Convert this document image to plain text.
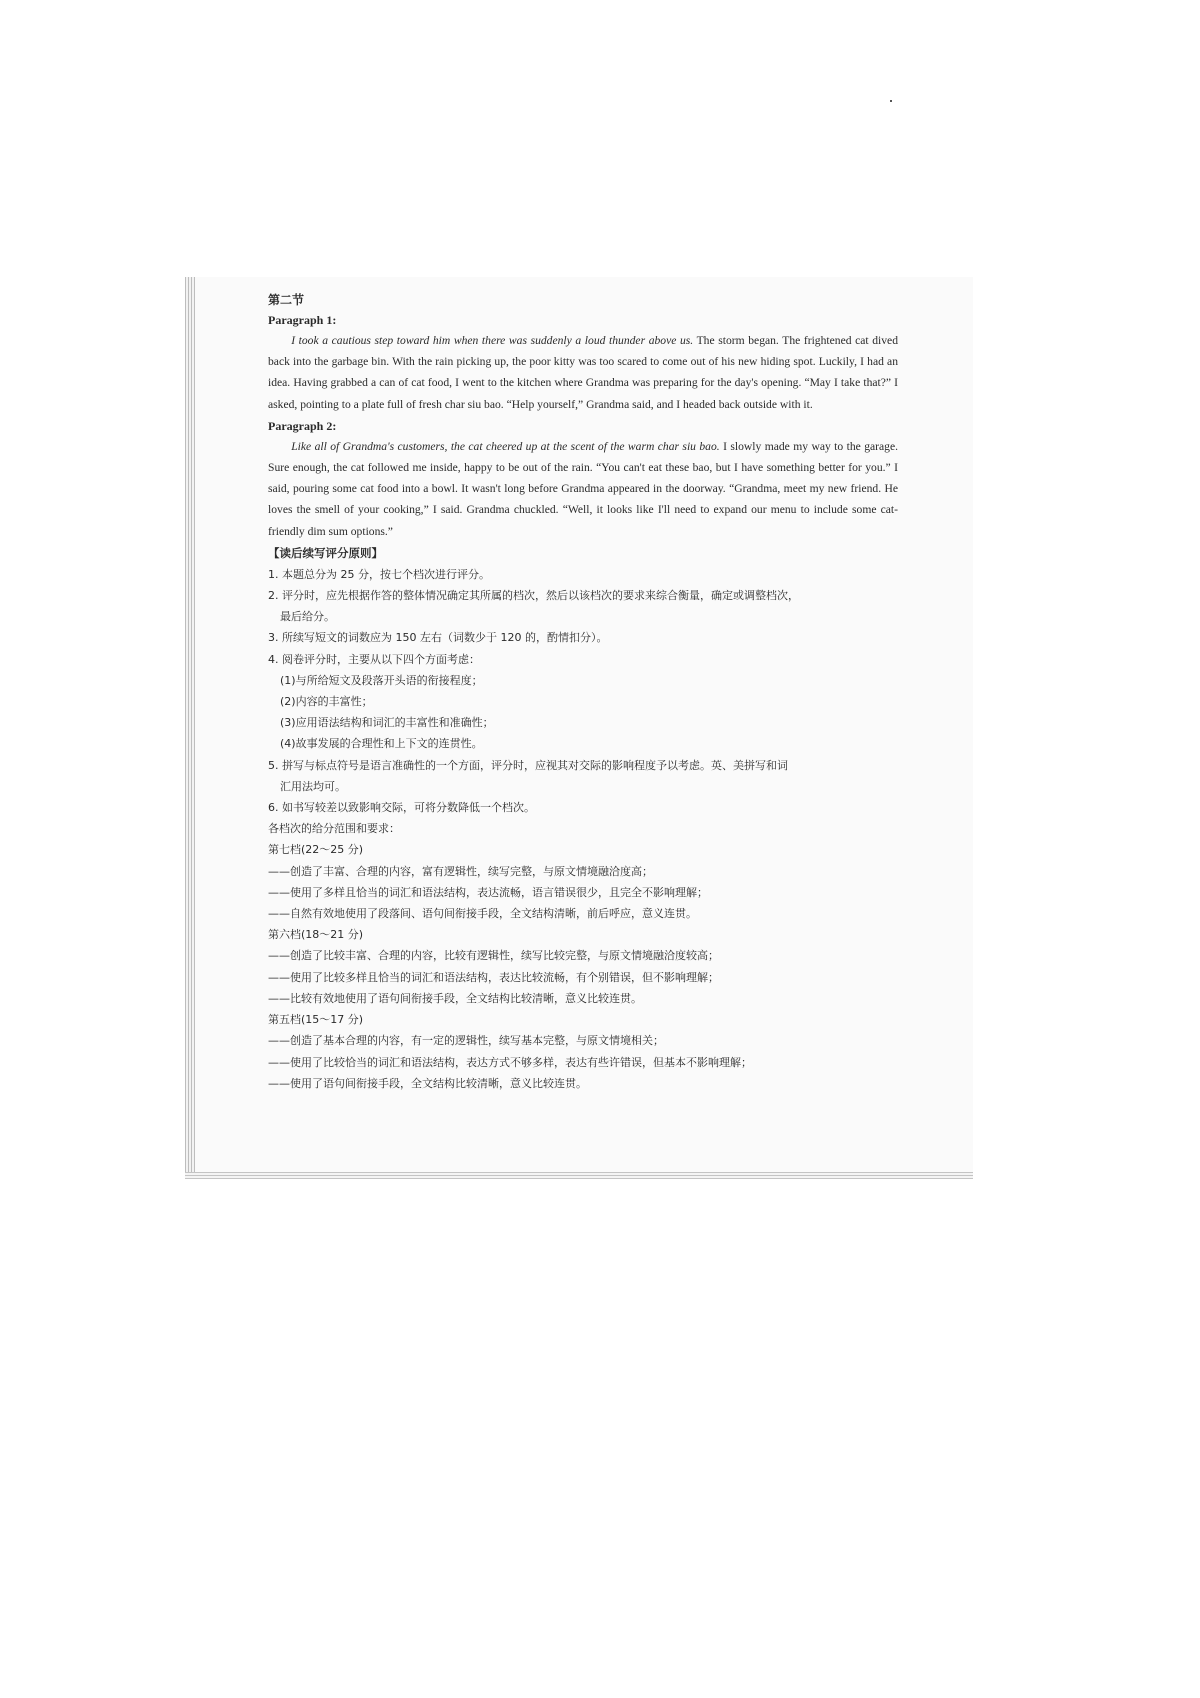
第二节

Paragraph 1:

I took a cautious step toward him when there was suddenly a loud thunder above us. The storm began. The frightened cat dived back into the garbage bin. With the rain picking up, the poor kitty was too scared to come out of his new hiding spot. Luckily, I had an idea. Having grabbed a can of cat food, I went to the kitchen where Grandma was preparing for the day's opening. “May I take that?” I asked, pointing to a plate full of fresh char siu bao. “Help yourself,” Grandma said, and I headed back outside with it.

Paragraph 2:

Like all of Grandma's customers, the cat cheered up at the scent of the warm char siu bao. I slowly made my way to the garage. Sure enough, the cat followed me inside, happy to be out of the rain. “You can't eat these bao, but I have something better for you.” I said, pouring some cat food into a bowl. It wasn't long before Grandma appeared in the doorway. “Grandma, meet my new friend. He loves the smell of your cooking,” I said. Grandma chuckled. “Well, it looks like I'll need to expand our menu to include some cat-friendly dim sum options.”

【读后续写评分原则】

1. 本题总分为 25 分，按七个档次进行评分。

2. 评分时，应先根据作答的整体情况确定其所属的档次，然后以该档次的要求来综合衡量，确定或调整档次，

最后给分。

3. 所续写短文的词数应为 150 左右（词数少于 120 的，酌情扣分）。

4. 阅卷评分时，主要从以下四个方面考虑：

(1)与所给短文及段落开头语的衔接程度；

(2)内容的丰富性；

(3)应用语法结构和词汇的丰富性和准确性；

(4)故事发展的合理性和上下文的连贯性。

5. 拼写与标点符号是语言准确性的一个方面，评分时，应视其对交际的影响程度予以考虑。英、美拼写和词

汇用法均可。

6. 如书写较差以致影响交际，可将分数降低一个档次。

各档次的给分范围和要求：

第七档(22～25 分)

——创造了丰富、合理的内容，富有逻辑性，续写完整，与原文情境融洽度高；

——使用了多样且恰当的词汇和语法结构，表达流畅，语言错误很少，且完全不影响理解；

——自然有效地使用了段落间、语句间衔接手段，全文结构清晰，前后呼应，意义连贯。

第六档(18～21 分)

——创造了比较丰富、合理的内容，比较有逻辑性，续写比较完整，与原文情境融洽度较高；

——使用了比较多样且恰当的词汇和语法结构，表达比较流畅，有个别错误，但不影响理解；

——比较有效地使用了语句间衔接手段，全文结构比较清晰，意义比较连贯。

第五档(15～17 分)

——创造了基本合理的内容，有一定的逻辑性，续写基本完整，与原文情境相关；

——使用了比较恰当的词汇和语法结构，表达方式不够多样，表达有些许错误，但基本不影响理解；

——使用了语句间衔接手段，全文结构比较清晰，意义比较连贯。
